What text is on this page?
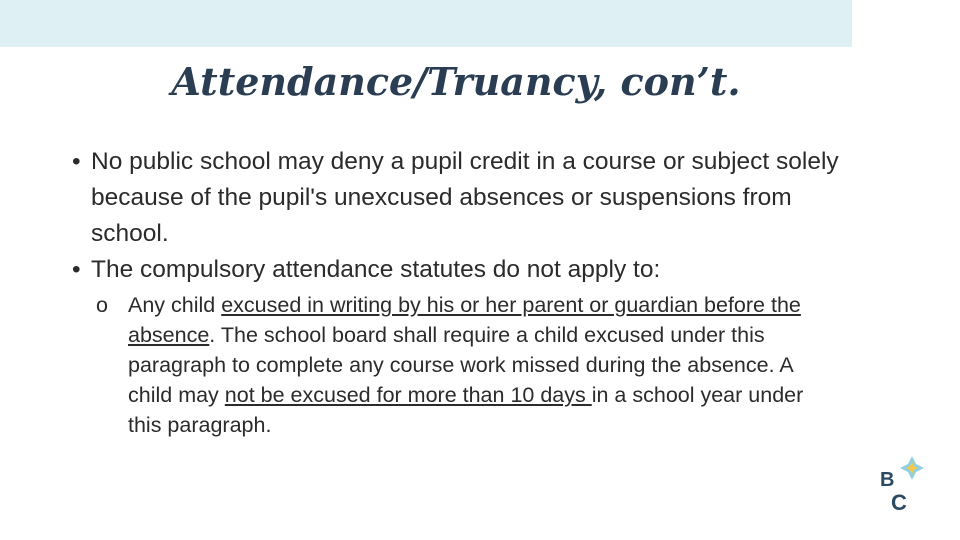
Attendance/Truancy, con’t.
• No public school may deny a pupil credit in a course or subject solely because of the pupil's unexcused absences or suspensions from school.
• The compulsory attendance statutes do not apply to:
o Any child excused in writing by his or her parent or guardian before the absence. The school board shall require a child excused under this paragraph to complete any course work missed during the absence. A child may not be excused for more than 10 days in a school year under this paragraph.
B
C
